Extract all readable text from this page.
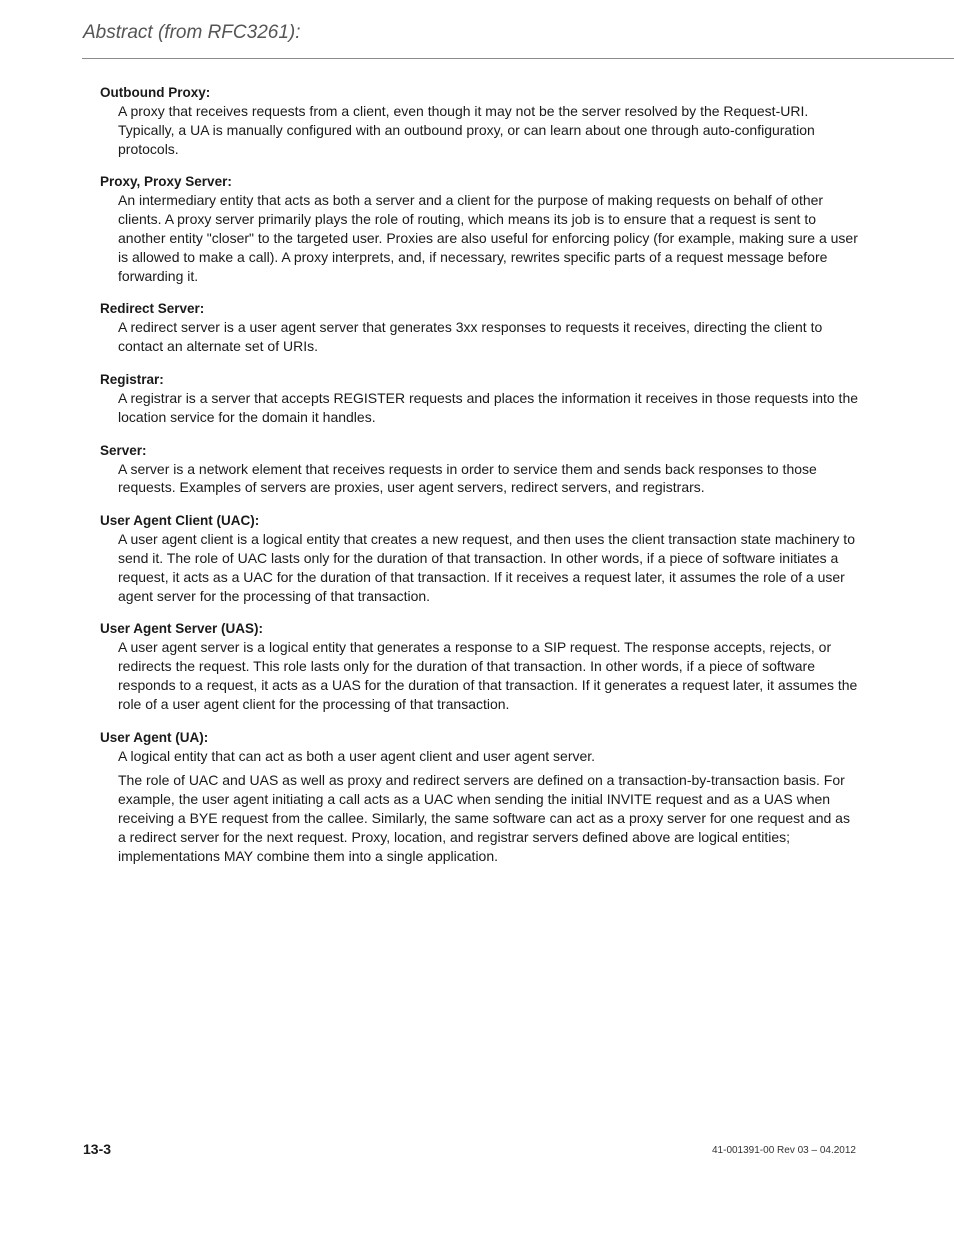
Abstract (from RFC3261):

Outbound Proxy:

A proxy that receives requests from a client, even though it may not be the server resolved by the Request-URI. Typically, a UA is manually configured with an outbound proxy, or can learn about one through auto-configuration protocols.

Proxy, Proxy Server:

An intermediary entity that acts as both a server and a client for the purpose of making requests on behalf of other clients. A proxy server primarily plays the role of routing, which means its job is to ensure that a request is sent to another entity "closer" to the targeted user. Proxies are also useful for enforcing policy (for example, making sure a user is allowed to make a call). A proxy interprets, and, if necessary, rewrites specific parts of a request message before forwarding it.

Redirect Server:

A redirect server is a user agent server that generates 3xx responses to requests it receives, directing the client to contact an alternate set of URIs.

Registrar:

A registrar is a server that accepts REGISTER requests and places the information it receives in those requests into the location service for the domain it handles.

Server:

A server is a network element that receives requests in order to service them and sends back responses to those requests. Examples of servers are proxies, user agent servers, redirect servers, and registrars.

User Agent Client (UAC):

A user agent client is a logical entity that creates a new request, and then uses the client transaction state machinery to send it. The role of UAC lasts only for the duration of that transaction. In other words, if a piece of software initiates a request, it acts as a UAC for the duration of that transaction. If it receives a request later, it assumes the role of a user agent server for the processing of that transaction.

User Agent Server (UAS):

A user agent server is a logical entity that generates a response to a SIP request. The response accepts, rejects, or redirects the request. This role lasts only for the duration of that transaction. In other words, if a piece of software responds to a request, it acts as a UAS for the duration of that transaction. If it generates a request later, it assumes the role of a user agent client for the processing of that transaction.

User Agent (UA):

A logical entity that can act as both a user agent client and user agent server.

The role of UAC and UAS as well as proxy and redirect servers are defined on a transaction-by-transaction basis. For example, the user agent initiating a call acts as a UAC when sending the initial INVITE request and as a UAS when receiving a BYE request from the callee. Similarly, the same software can act as a proxy server for one request and as a redirect server for the next request. Proxy, location, and registrar servers defined above are logical entities; implementations MAY combine them into a single application.

13-3	41-001391-00 Rev 03 – 04.2012
